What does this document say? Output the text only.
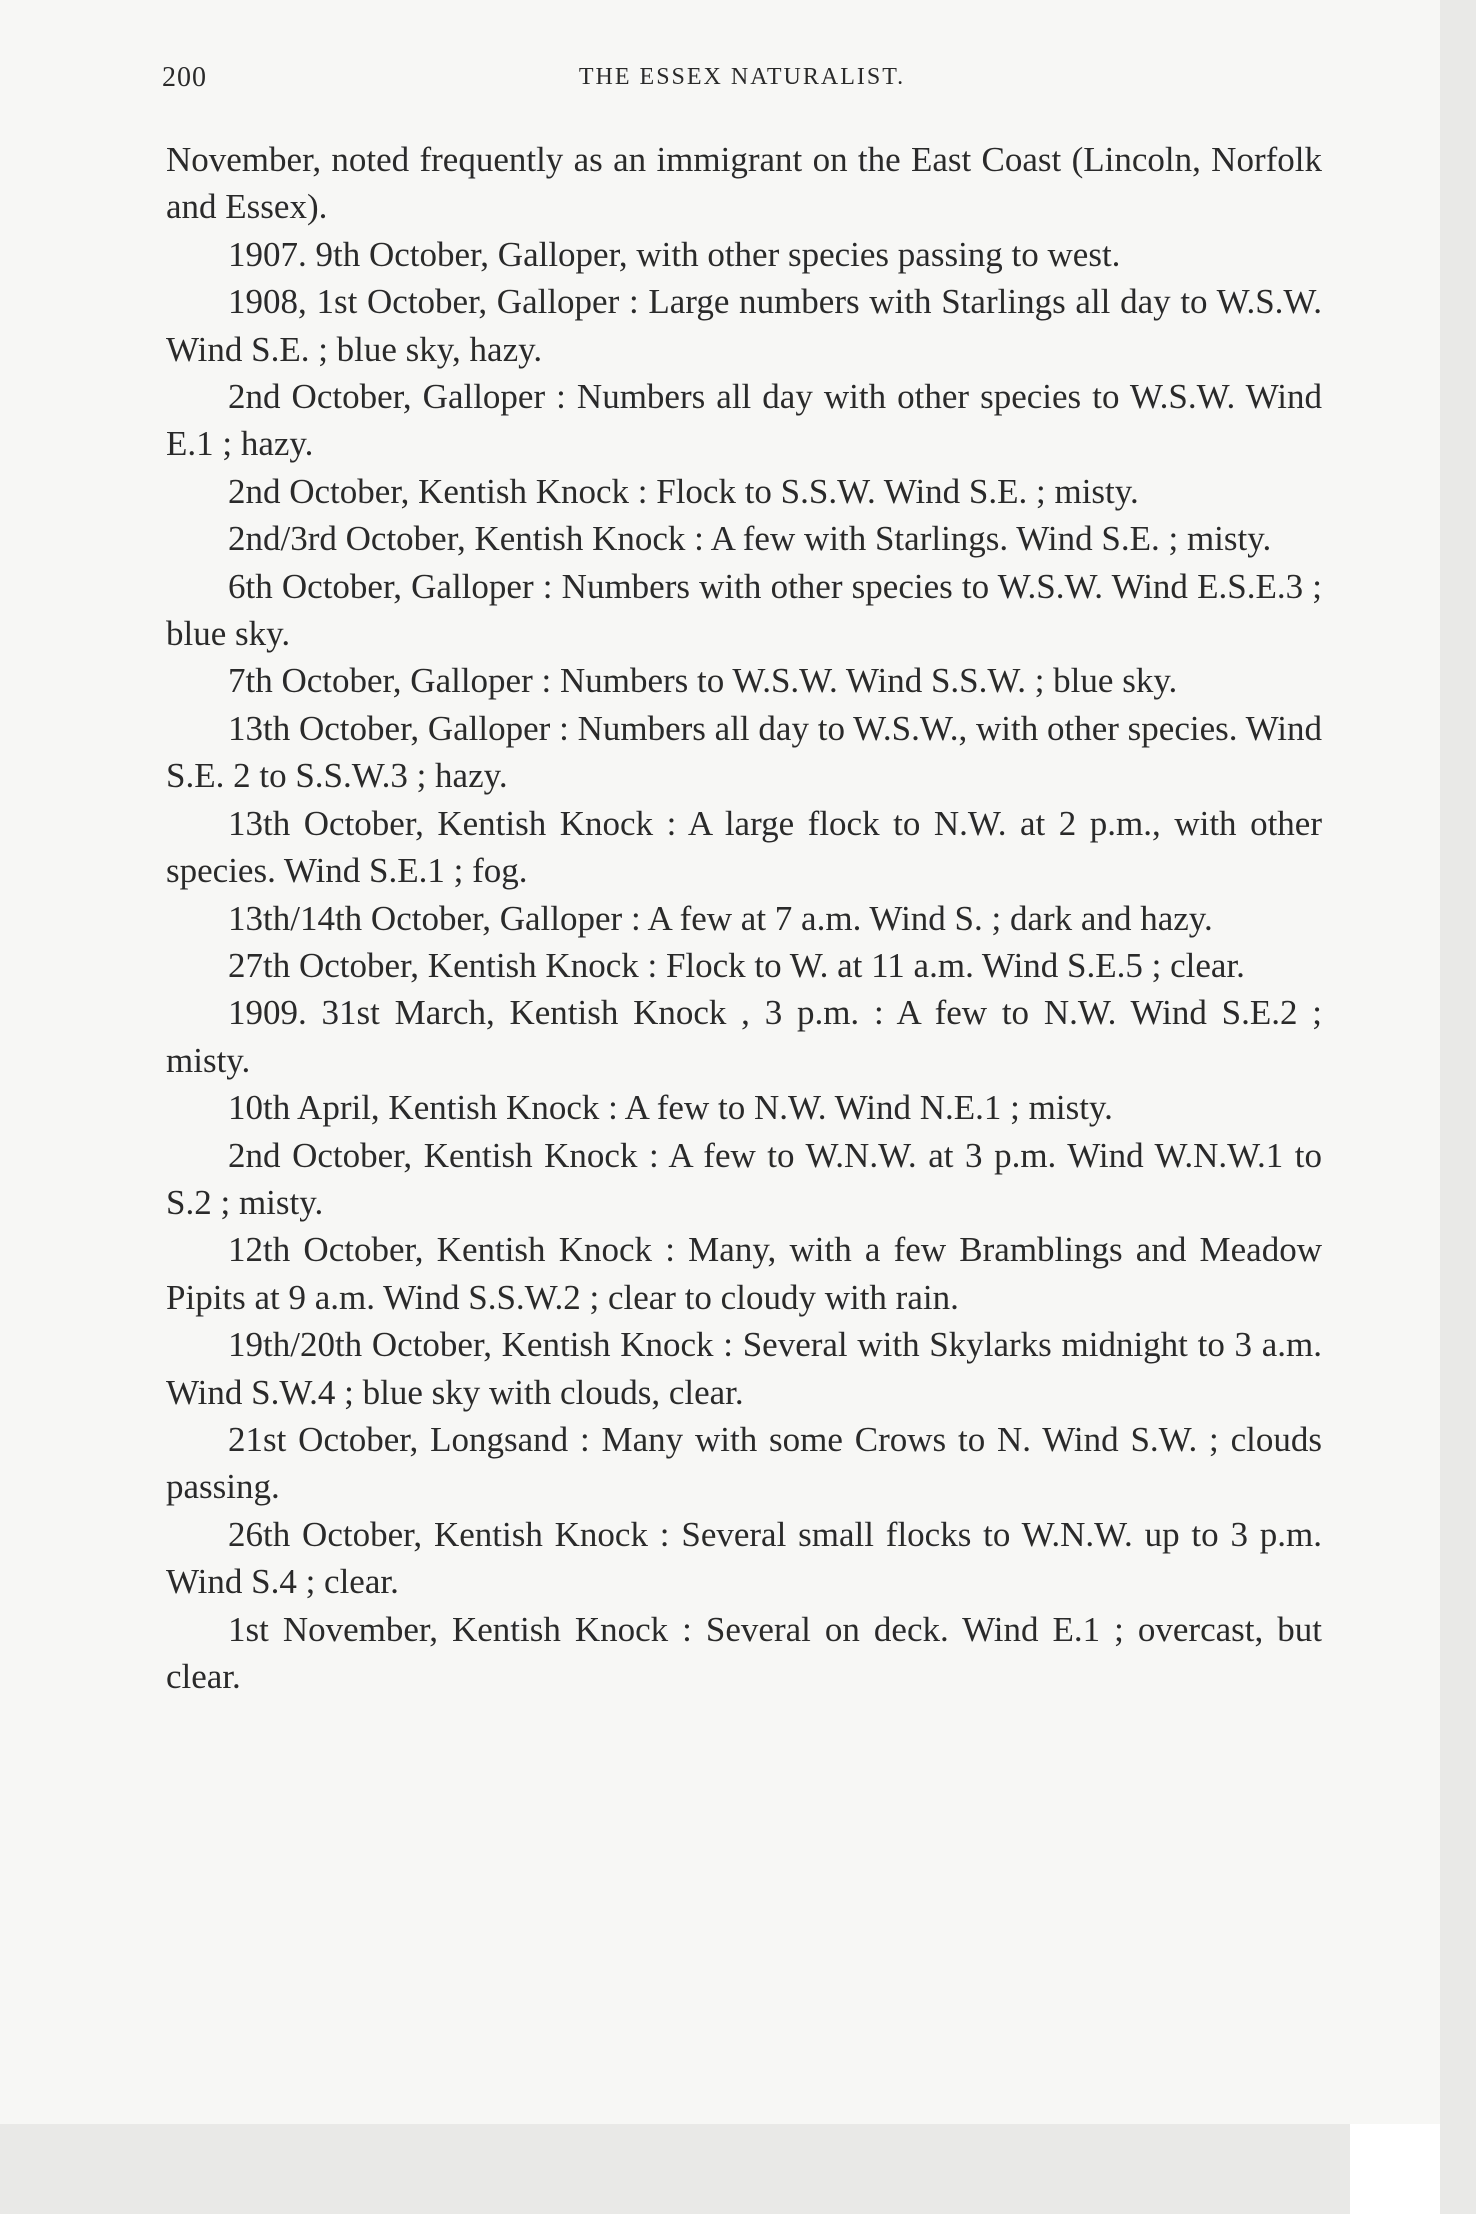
200	THE ESSEX NATURALIST.

November, noted frequently as an immigrant on the East Coast (Lincoln, Norfolk and Essex).

1907. 9th October, Galloper, with other species passing to west.

1908, 1st October, Galloper : Large numbers with Starlings all day to W.S.W. Wind S.E. ; blue sky, hazy.

2nd October, Galloper : Numbers all day with other species to W.S.W. Wind E.1 ; hazy.

2nd October, Kentish Knock : Flock to S.S.W. Wind S.E. ; misty.

2nd/3rd October, Kentish Knock : A few with Starlings. Wind S.E. ; misty.

6th October, Galloper : Numbers with other species to W.S.W. Wind E.S.E.3 ; blue sky.

7th October, Galloper : Numbers to W.S.W. Wind S.S.W. ; blue sky.

13th October, Galloper : Numbers all day to W.S.W., with other species. Wind S.E. 2 to S.S.W.3 ; hazy.

13th October, Kentish Knock : A large flock to N.W. at 2 p.m., with other species. Wind S.E.1 ; fog.

13th/14th October, Galloper : A few at 7 a.m. Wind S. ; dark and hazy.

27th October, Kentish Knock : Flock to W. at 11 a.m. Wind S.E.5 ; clear.

1909. 31st March, Kentish Knock , 3 p.m. : A few to N.W. Wind S.E.2 ; misty.

10th April, Kentish Knock : A few to N.W. Wind N.E.1 ; misty.

2nd October, Kentish Knock : A few to W.N.W. at 3 p.m. Wind W.N.W.1 to S.2 ; misty.

12th October, Kentish Knock : Many, with a few Bramblings and Meadow Pipits at 9 a.m. Wind S.S.W.2 ; clear to cloudy with rain.

19th/20th October, Kentish Knock : Several with Skylarks midnight to 3 a.m. Wind S.W.4 ; blue sky with clouds, clear.

21st October, Longsand : Many with some Crows to N. Wind S.W. ; clouds passing.

26th October, Kentish Knock : Several small flocks to W.N.W. up to 3 p.m. Wind S.4 ; clear.

1st November, Kentish Knock : Several on deck. Wind E.1 ; overcast, but clear.
